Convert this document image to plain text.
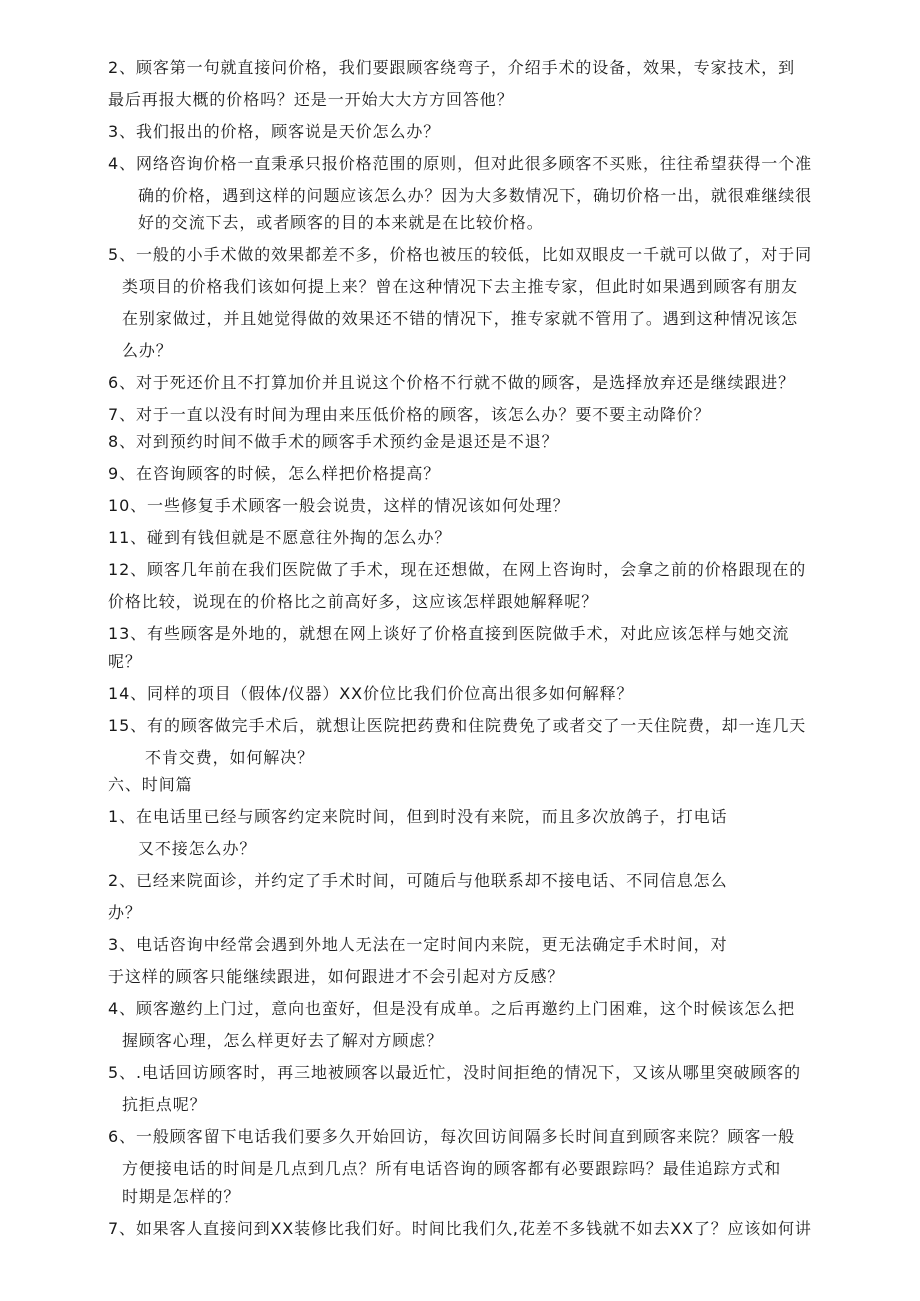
2、顾客第一句就直接问价格，我们要跟顾客绕弯子，介绍手术的设备，效果，专家技术，到
最后再报大概的价格吗？还是一开始大大方方回答他？
3、我们报出的价格，顾客说是天价怎么办？
4、网络咨询价格一直秉承只报价格范围的原则，但对此很多顾客不买账，往往希望获得一个准
确的价格，遇到这样的问题应该怎么办？因为大多数情况下，确切价格一出，就很难继续很
好的交流下去，或者顾客的目的本来就是在比较价格。
5、一般的小手术做的效果都差不多，价格也被压的较低，比如双眼皮一千就可以做了，对于同
类项目的价格我们该如何提上来？曾在这种情况下去主推专家，但此时如果遇到顾客有朋友
在别家做过，并且她觉得做的效果还不错的情况下，推专家就不管用了。遇到这种情况该怎
么办？
6、对于死还价且不打算加价并且说这个价格不行就不做的顾客，是选择放弃还是继续跟进？
7、对于一直以没有时间为理由来压低价格的顾客，该怎么办？要不要主动降价？
8、对到预约时间不做手术的顾客手术预约金是退还是不退？
9、在咨询顾客的时候，怎么样把价格提高？
10、一些修复手术顾客一般会说贵，这样的情况该如何处理？
11、碰到有钱但就是不愿意往外掏的怎么办？
12、顾客几年前在我们医院做了手术，现在还想做，在网上咨询时，会拿之前的价格跟现在的
价格比较，说现在的价格比之前高好多，这应该怎样跟她解释呢？
13、有些顾客是外地的，就想在网上谈好了价格直接到医院做手术，对此应该怎样与她交流
呢？
14、同样的项目（假体/仪器）XX价位比我们价位高出很多如何解释？
15、有的顾客做完手术后，就想让医院把药费和住院费免了或者交了一天住院费，却一连几天
不肯交费，如何解决？
六、时间篇
1、在电话里已经与顾客约定来院时间，但到时没有来院，而且多次放鸽子，打电话
又不接怎么办？
2、已经来院面诊，并约定了手术时间，可随后与他联系却不接电话、不同信息怎么
办？
3、电话咨询中经常会遇到外地人无法在一定时间内来院，更无法确定手术时间，对
于这样的顾客只能继续跟进，如何跟进才不会引起对方反感？
4、顾客邀约上门过，意向也蛮好，但是没有成单。之后再邀约上门困难，这个时候该怎么把
握顾客心理，怎么样更好去了解对方顾虑？
5、.电话回访顾客时，再三地被顾客以最近忙，没时间拒绝的情况下，又该从哪里突破顾客的
抗拒点呢？
6、一般顾客留下电话我们要多久开始回访，每次回访间隔多长时间直到顾客来院？顾客一般
方便接电话的时间是几点到几点？所有电话咨询的顾客都有必要跟踪吗？最佳追踪方式和
时期是怎样的？
7、如果客人直接问到XX装修比我们好。时间比我们久,花差不多钱就不如去XX了？应该如何讲
